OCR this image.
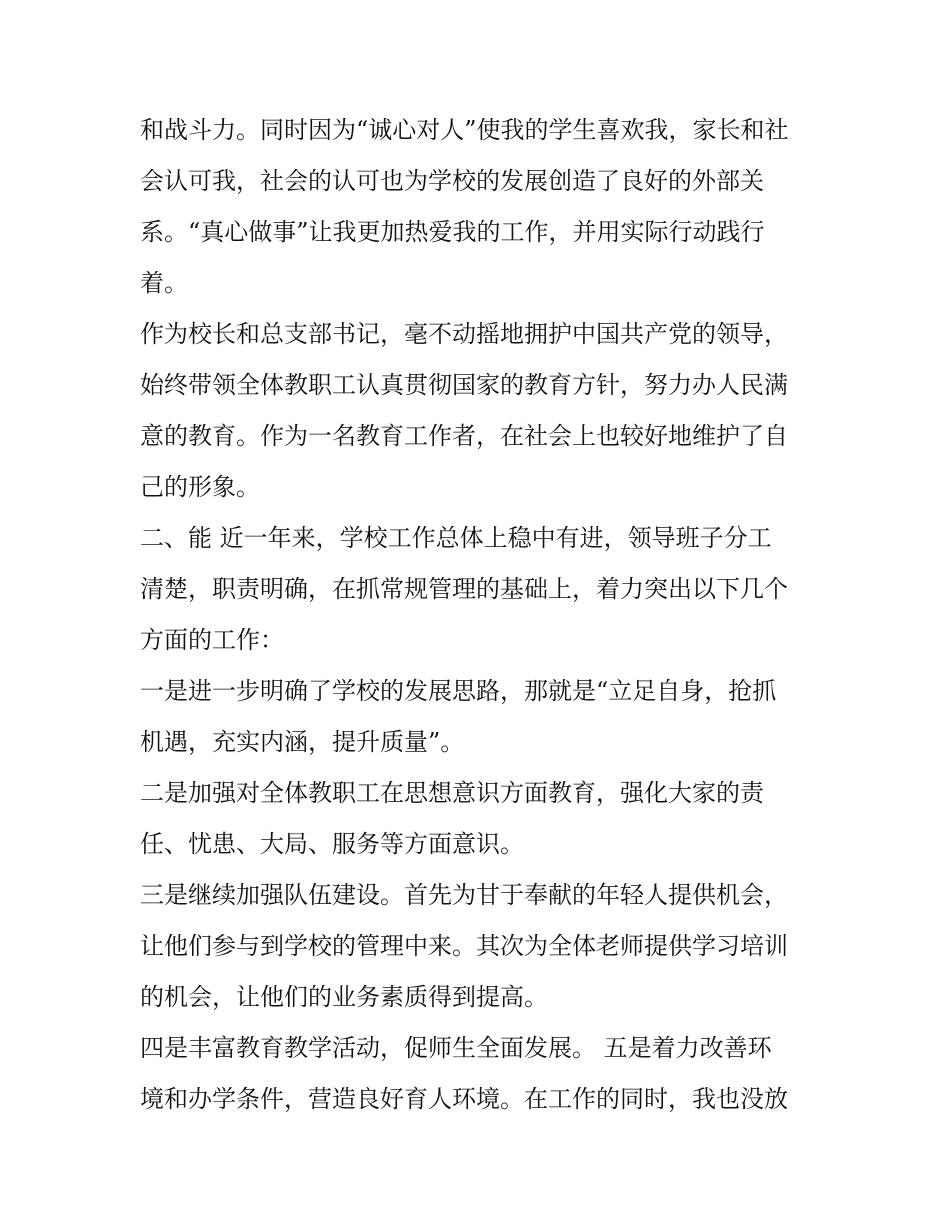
和战斗力。同时因为“诚心对人”使我的学生喜欢我，家长和社
会认可我，社会的认可也为学校的发展创造了良好的外部关
系。“真心做事”让我更加热爱我的工作，并用实际行动践行
着。
作为校长和总支部书记，毫不动摇地拥护中国共产党的领导，
始终带领全体教职工认真贯彻国家的教育方针，努力办人民满
意的教育。作为一名教育工作者，在社会上也较好地维护了自
己的形象。
二、能 近一年来，学校工作总体上稳中有进，领导班子分工
清楚，职责明确，在抓常规管理的基础上，着力突出以下几个
方面的工作：
一是进一步明确了学校的发展思路，那就是“立足自身，抢抓
机遇，充实内涵，提升质量”。
二是加强对全体教职工在思想意识方面教育，强化大家的责
任、忧患、大局、服务等方面意识。
三是继续加强队伍建设。首先为甘于奉献的年轻人提供机会，
让他们参与到学校的管理中来。其次为全体老师提供学习培训
的机会，让他们的业务素质得到提高。
四是丰富教育教学活动，促师生全面发展。 五是着力改善环
境和办学条件，营造良好育人环境。在工作的同时，我也没放
